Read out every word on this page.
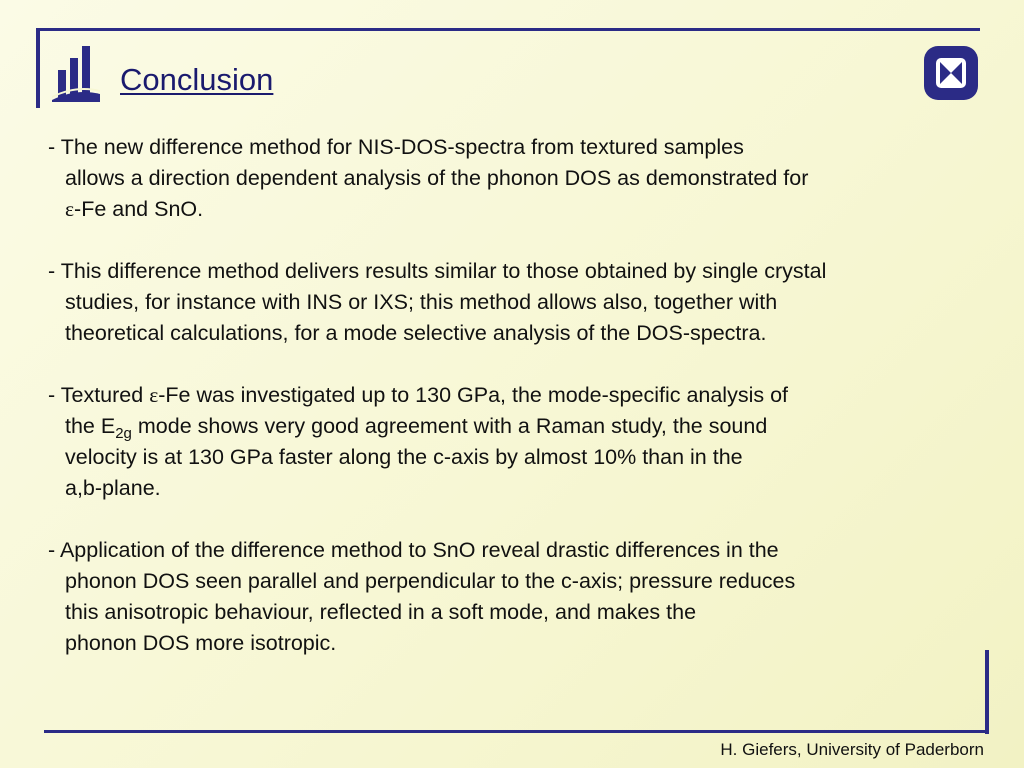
Conclusion
- The new difference method for NIS-DOS-spectra from textured samples
allows a direction dependent analysis of the phonon DOS as demonstrated for
ε-Fe and SnO.
- This difference method delivers results similar to those obtained by single crystal
studies, for instance with INS or IXS; this method allows also, together with
theoretical calculations, for a mode selective analysis of the DOS-spectra.
- Textured ε-Fe was investigated up to 130 GPa, the mode-specific analysis of
the $E_{2g}$ mode shows very good agreement with a Raman study, the sound
velocity is at 130 GPa faster along the c-axis by almost 10% than in the
a,b-plane.
- Application of the difference method to SnO reveal drastic differences in the
phonon DOS seen parallel and perpendicular to the c-axis; pressure reduces
this anisotropic behaviour, reflected in a soft mode, and makes the
phonon DOS more isotropic.
H. Giefers, University of Paderborn
